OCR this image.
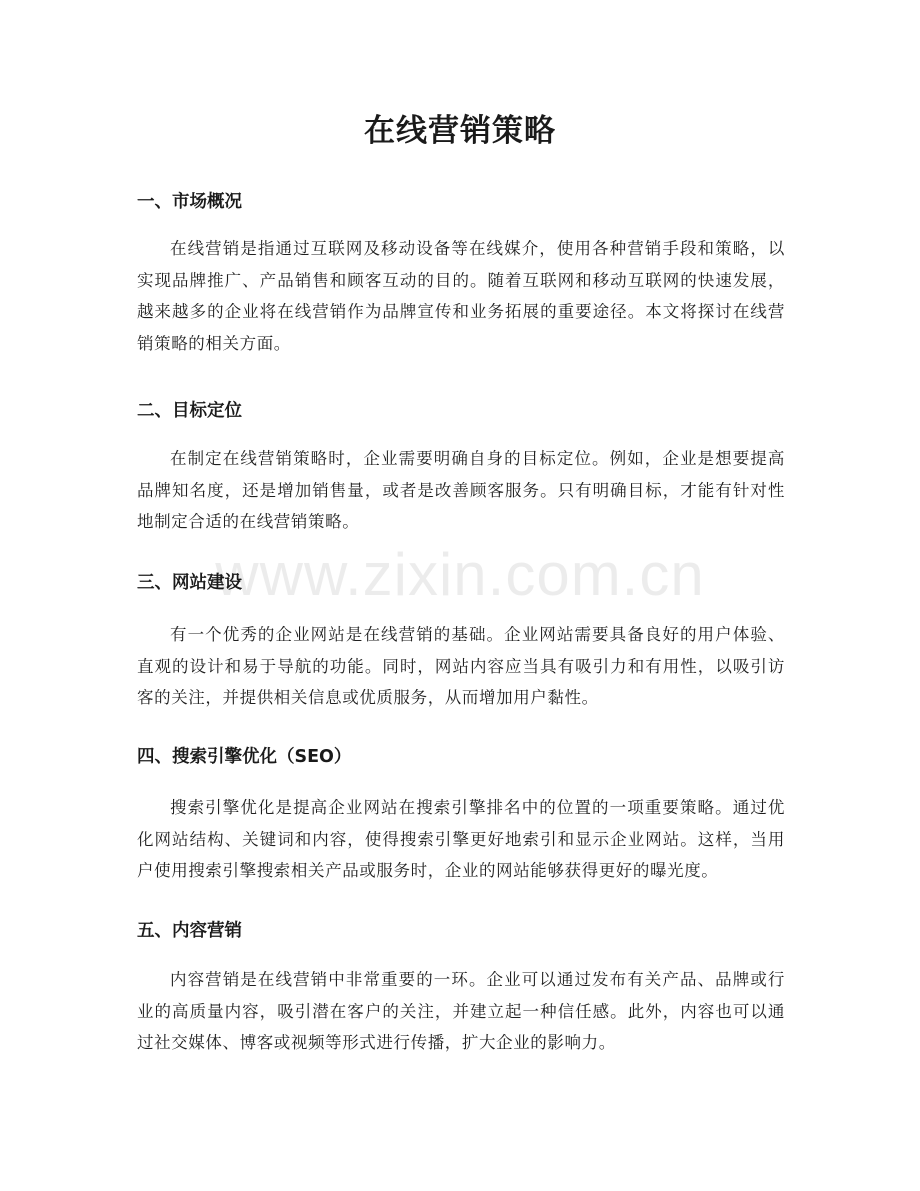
在线营销策略
一、市场概况

在线营销是指通过互联网及移动设备等在线媒介，使用各种营销手段和策略，以实现品牌推广、产品销售和顾客互动的目的。随着互联网和移动互联网的快速发展，越来越多的企业将在线营销作为品牌宣传和业务拓展的重要途径。本文将探讨在线营销策略的相关方面。

二、目标定位

在制定在线营销策略时，企业需要明确自身的目标定位。例如，企业是想要提高品牌知名度，还是增加销售量，或者是改善顾客服务。只有明确目标，才能有针对性地制定合适的在线营销策略。

三、网站建设

有一个优秀的企业网站是在线营销的基础。企业网站需要具备良好的用户体验、直观的设计和易于导航的功能。同时，网站内容应当具有吸引力和有用性，以吸引访客的关注，并提供相关信息或优质服务，从而增加用户黏性。

四、搜索引擎优化（SEO）

搜索引擎优化是提高企业网站在搜索引擎排名中的位置的一项重要策略。通过优化网站结构、关键词和内容，使得搜索引擎更好地索引和显示企业网站。这样，当用户使用搜索引擎搜索相关产品或服务时，企业的网站能够获得更好的曝光度。

五、内容营销

内容营销是在线营销中非常重要的一环。企业可以通过发布有关产品、品牌或行业的高质量内容，吸引潜在客户的关注，并建立起一种信任感。此外，内容也可以通过社交媒体、博客或视频等形式进行传播，扩大企业的影响力。

www.zixin.com.cn
